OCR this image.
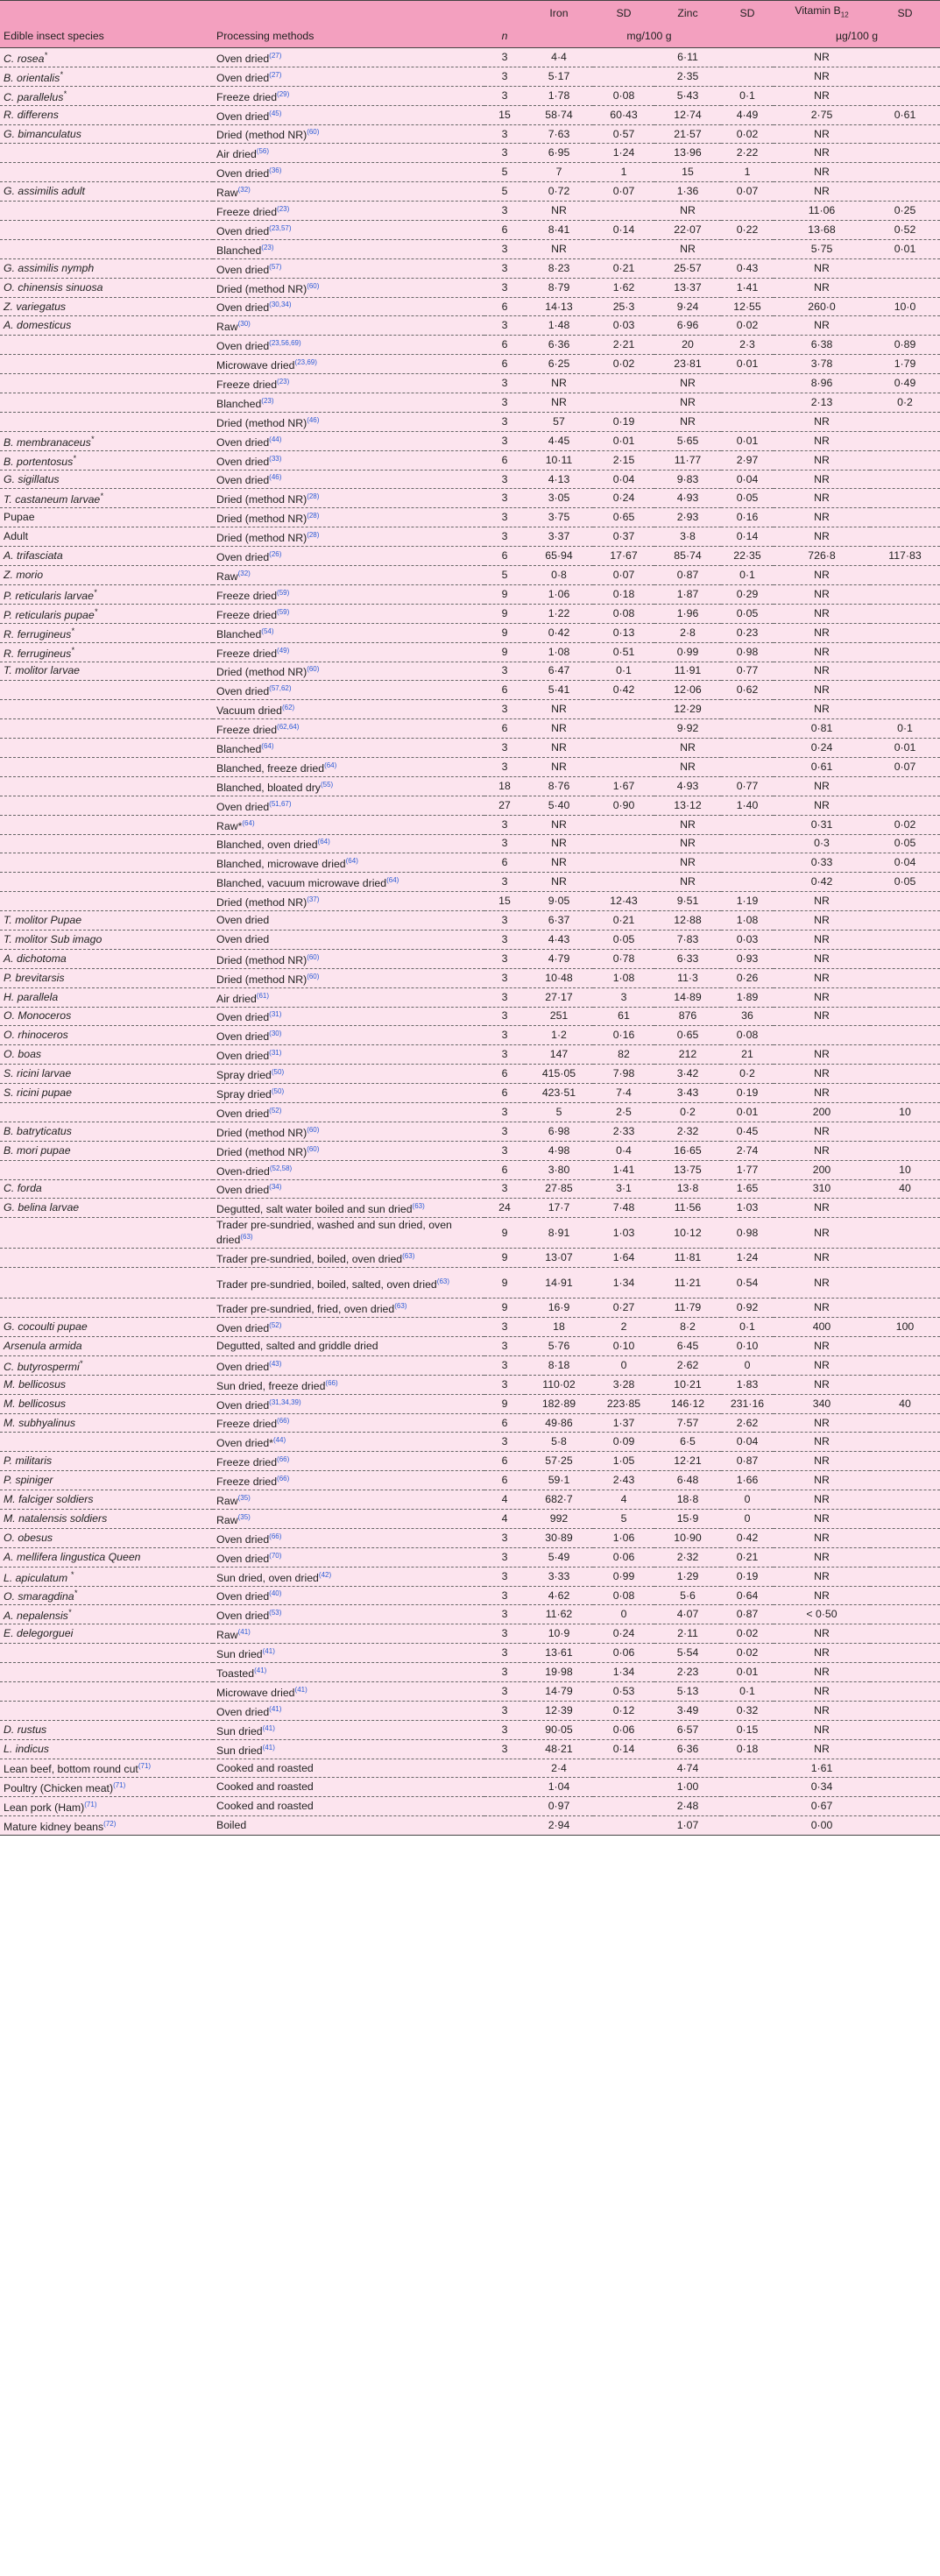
			Iron	SD	Zinc	SD	Vitamin $B_{12}$	SD
Edible insect species	Processing methods	n	mg/100 g				µg/100 g	
C. rosea*	Oven dried$^{(27)}$	3	4·4		6·11		NR	
B. orientalis*	Oven dried$^{(27)}$	3	5·17		2·35		NR	
C. parallelus*	Freeze dried$^{(29)}$	3	1·78	0·08	5·43	0·1	NR	
R. differens	Oven dried$^{(45)}$	15	58·74	60·43	12·74	4·49	2·75	0·61
G. bimanculatus	Dried (method NR)$^{(60)}$	3	7·63	0·57	21·57	0·02	NR	
	Air dried$^{(56)}$	3	6·95	1·24	13·96	2·22	NR	
	Oven dried$^{(36)}$	5	7	1	15	1	NR	
G. assimilis adult	Raw$^{(32)}$	5	0·72	0·07	1·36	0·07	NR	
	Freeze dried$^{(23)}$	3	NR		NR		11·06	0·25
	Oven dried$^{(23,57)}$	6	8·41	0·14	22·07	0·22	13·68	0·52
	Blanched$^{(23)}$	3	NR		NR		5·75	0·01
G. assimilis nymph	Oven dried$^{(57)}$	3	8·23	0·21	25·57	0·43	NR	
O. chinensis sinuosa	Dried (method NR)$^{(60)}$	3	8·79	1·62	13·37	1·41	NR	
Z. variegatus	Oven dried$^{(30,34)}$	6	14·13	25·3	9·24	12·55	260·0	10·0
A. domesticus	Raw$^{(30)}$	3	1·48	0·03	6·96	0·02	NR	
	Oven dried$^{(23,56,69)}$	6	6·36	2·21	20	2·3	6·38	0·89
	Microwave dried$^{(23,69)}$	6	6·25	0·02	23·81	0·01	3·78	1·79
	Freeze dried$^{(23)}$	3	NR		NR		8·96	0·49
	Blanched$^{(23)}$	3	NR		NR		2·13	0·2
	Dried (method NR)$^{(46)}$	3	57	0·19	NR		NR	
B. membranaceus*	Oven dried$^{(44)}$	3	4·45	0·01	5·65	0·01	NR	
B. portentosus*	Oven dried$^{(33)}$	6	10·11	2·15	11·77	2·97	NR	
G. sigillatus	Oven dried$^{(46)}$	3	4·13	0·04	9·83	0·04	NR	
T. castaneum larvae*	Dried (method NR)$^{(28)}$	3	3·05	0·24	4·93	0·05	NR	
Pupae	Dried (method NR)$^{(28)}$	3	3·75	0·65	2·93	0·16	NR	
Adult	Dried (method NR)$^{(28)}$	3	3·37	0·37	3·8	0·14	NR	
A. trifasciata	Oven dried$^{(26)}$	6	65·94	17·67	85·74	22·35	726·8	117·83
Z. morio	Raw$^{(32)}$	5	0·8	0·07	0·87	0·1	NR	
P. reticularis larvae*	Freeze dried$^{(59)}$	9	1·06	0·18	1·87	0·29	NR	
P. reticularis pupae*	Freeze dried$^{(59)}$	9	1·22	0·08	1·96	0·05	NR	
R. ferrugineus*	Blanched$^{(54)}$	9	0·42	0·13	2·8	0·23	NR	
R. ferrugineus*	Freeze dried$^{(49)}$	9	1·08	0·51	0·99	0·98	NR	
T. molitor larvae	Dried (method NR)$^{(60)}$	3	6·47	0·1	11·91	0·77	NR	
	Oven dried$^{(57,62)}$	6	5·41	0·42	12·06	0·62	NR	
	Vacuum dried$^{(62)}$	3	NR		12·29		NR	
	Freeze dried$^{(62,64)}$	6	NR		9·92		0·81	0·1
	Blanched$^{(64)}$	3	NR		NR		0·24	0·01
	Blanched, freeze dried$^{(64)}$	3	NR		NR		0·61	0·07
	Blanched, bloated dry$^{(55)}$	18	8·76	1·67	4·93	0·77	NR	
	Oven dried$^{(51,67)}$	27	5·40	0·90	13·12	1·40	NR	
	Raw*$^{(64)}$	3	NR		NR		0·31	0·02
	Blanched, oven dried$^{(64)}$	3	NR		NR		0·3	0·05
	Blanched, microwave dried$^{(64)}$	6	NR		NR		0·33	0·04
	Blanched, vacuum microwave dried$^{(64)}$	3	NR		NR		0·42	0·05
	Dried (method NR)$^{(37)}$	15	9·05	12·43	9·51	1·19	NR	
T. molitor Pupae	Oven dried	3	6·37	0·21	12·88	1·08	NR	
T. molitor Sub imago	Oven dried	3	4·43	0·05	7·83	0·03	NR	
A. dichotoma	Dried (method NR)$^{(60)}$	3	4·79	0·78	6·33	0·93	NR	
P. brevitarsis	Dried (method NR)$^{(60)}$	3	10·48	1·08	11·3	0·26	NR	
H. parallela	Air dried$^{(61)}$	3	27·17	3	14·89	1·89	NR	
O. Monoceros	Oven dried$^{(31)}$	3	251	61	876	36	NR	
O. rhinoceros	Oven dried$^{(30)}$	3	1·2	0·16	0·65	0·08		
O. boas	Oven dried$^{(31)}$	3	147	82	212	21	NR	
S. ricini larvae	Spray dried$^{(50)}$	6	415·05	7·98	3·42	0·2	NR	
S. ricini pupae	Spray dried$^{(50)}$	6	423·51	7·4	3·43	0·19	NR	
	Oven dried$^{(52)}$	3	5	2·5	0·2	0·01	200	10
B. batryticatus	Dried (method NR)$^{(60)}$	3	6·98	2·33	2·32	0·45	NR	
B. mori pupae	Dried (method NR)$^{(60)}$	3	4·98	0·4	16·65	2·74	NR	
	Oven-dried$^{(52,58)}$	6	3·80	1·41	13·75	1·77	200	10
C. forda	Oven dried$^{(34)}$	3	27·85	3·1	13·8	1·65	310	40
G. belina larvae	Degutted, salt water boiled and sun dried$^{(63)}$	24	17·7	7·48	11·56	1·03	NR	
	Trader pre-sundried, washed and sun dried, oven dried$^{(63)}$	9	8·91	1·03	10·12	0·98	NR	
	Trader pre-sundried, boiled, oven dried$^{(63)}$	9	13·07	1·64	11·81	1·24	NR	
	Trader pre-sundried, boiled, salted, oven dried$^{(63)}$	9	14·91	1·34	11·21	0·54	NR	
	Trader pre-sundried, fried, oven dried$^{(63)}$	9	16·9	0·27	11·79	0·92	NR	
G. cocoulti pupae	Oven dried$^{(52)}$	3	18	2	8·2	0·1	400	100
Arsenula armida	Degutted, salted and griddle dried	3	5·76	0·10	6·45	0·10	NR	
C. butyrospermi*	Oven dried$^{(43)}$	3	8·18	0	2·62	0	NR	
M. bellicosus	Sun dried, freeze dried$^{(66)}$	3	110·02	3·28	10·21	1·83	NR	
M. bellicosus	Oven dried$^{(31,34,39)}$	9	182·89	223·85	146·12	231·16	340	40
M. subhyalinus	Freeze dried$^{(66)}$	6	49·86	1·37	7·57	2·62	NR	
	Oven dried*$^{(44)}$	3	5·8	0·09	6·5	0·04	NR	
P. militaris	Freeze dried$^{(66)}$	6	57·25	1·05	12·21	0·87	NR	
P. spiniger	Freeze dried$^{(66)}$	6	59·1	2·43	6·48	1·66	NR	
M. falciger soldiers	Raw$^{(35)}$	4	682·7	4	18·8	0	NR	
M. natalensis soldiers	Raw$^{(35)}$	4	992	5	15·9	0	NR	
O. obesus	Oven dried$^{(66)}$	3	30·89	1·06	10·90	0·42	NR	
A. mellifera lingustica Queen	Oven dried$^{(70)}$	3	5·49	0·06	2·32	0·21	NR	
L. apiculatum *	Sun dried, oven dried$^{(42)}$	3	3·33	0·99	1·29	0·19	NR	
O. smaragdina*	Oven dried$^{(40)}$	3	4·62	0·08	5·6	0·64	NR	
A. nepalensis*	Oven dried$^{(53)}$	3	11·62	0	4·07	0·87	< 0·50	
E. delegorguei	Raw$^{(41)}$	3	10·9	0·24	2·11	0·02	NR	
	Sun dried$^{(41)}$	3	13·61	0·06	5·54	0·02	NR	
	Toasted$^{(41)}$	3	19·98	1·34	2·23	0·01	NR	
	Microwave dried$^{(41)}$	3	14·79	0·53	5·13	0·1	NR	
	Oven dried$^{(41)}$	3	12·39	0·12	3·49	0·32	NR	
D. rustus	Sun dried$^{(41)}$	3	90·05	0·06	6·57	0·15	NR	
L. indicus	Sun dried$^{(41)}$	3	48·21	0·14	6·36	0·18	NR	
Lean beef, bottom round cut$^{(71)}$	Cooked and roasted		2·4		4·74		1·61	
Poultry (Chicken meat)$^{(71)}$	Cooked and roasted		1·04		1·00		0·34	
Lean pork (Ham)$^{(71)}$	Cooked and roasted		0·97		2·48		0·67	
Mature kidney beans$^{(72)}$	Boiled		2·94		1·07		0·00	
